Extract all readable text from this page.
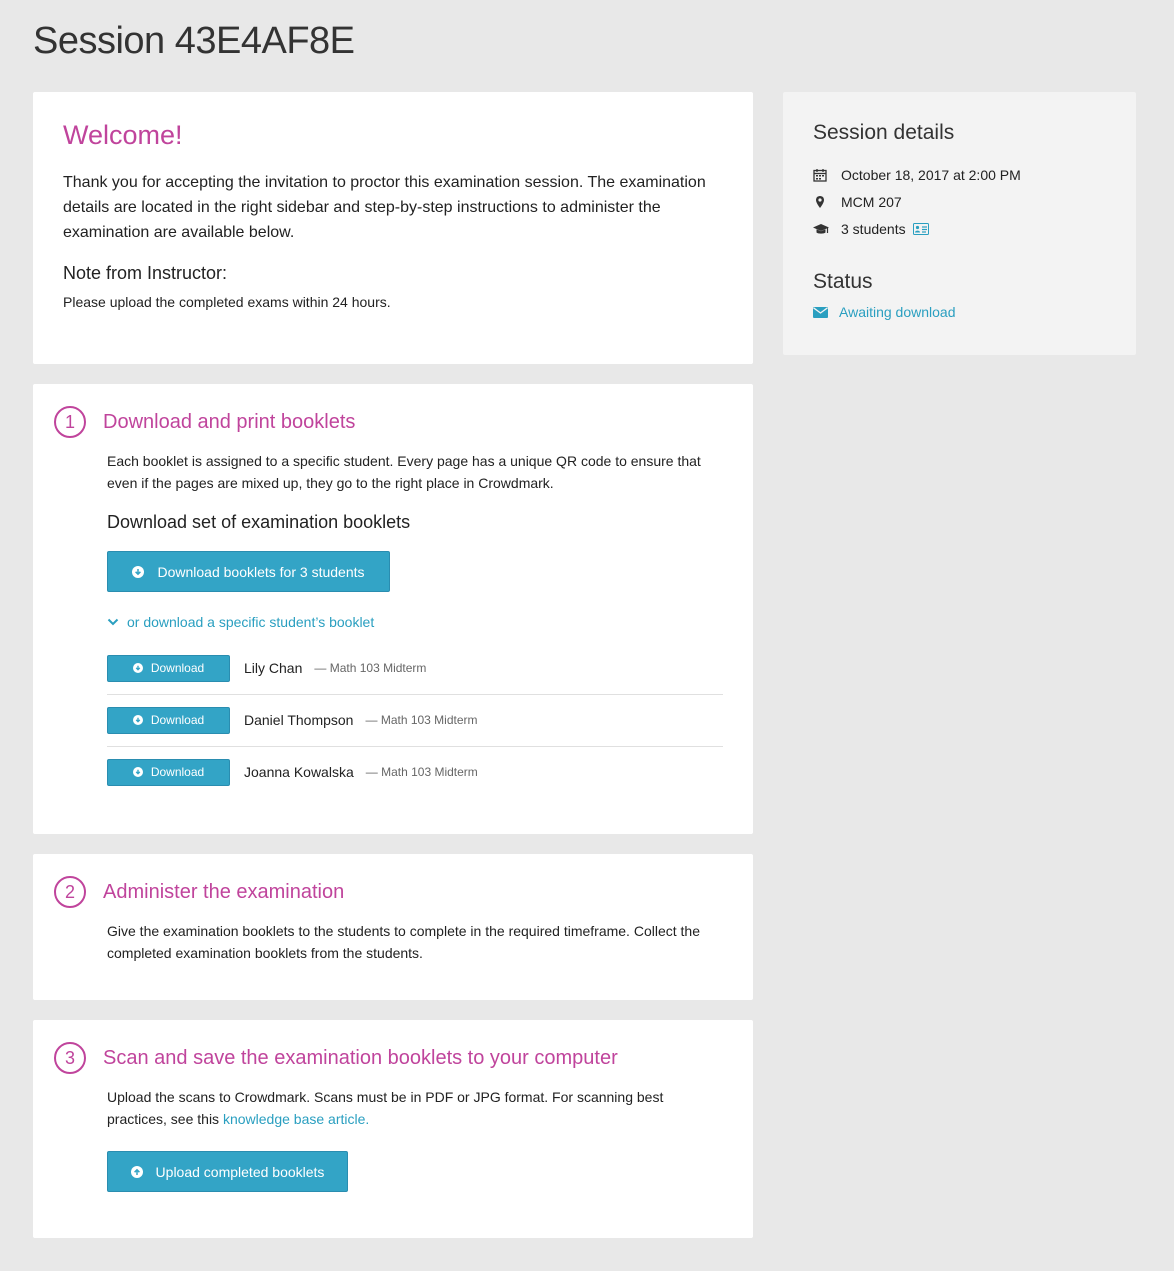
Session 43E4AF8E
Welcome!
Thank you for accepting the invitation to proctor this examination session. The examination details are located in the right sidebar and step-by-step instructions to administer the examination are available below.
Note from Instructor:
Please upload the completed exams within 24 hours.
Session details
October 18, 2017 at 2:00 PM
MCM 207
3 students
Status
Awaiting download
1	Download and print booklets
Each booklet is assigned to a specific student. Every page has a unique QR code to ensure that even if the pages are mixed up, they go to the right place in Crowdmark.
Download set of examination booklets
Download booklets for 3 students
or download a specific student’s booklet
Download	Lily Chan — Math 103 Midterm
Download	Daniel Thompson — Math 103 Midterm
Download	Joanna Kowalska — Math 103 Midterm
2	Administer the examination
Give the examination booklets to the students to complete in the required timeframe. Collect the completed examination booklets from the students.
3	Scan and save the examination booklets to your computer
Upload the scans to Crowdmark. Scans must be in PDF or JPG format. For scanning best practices, see this knowledge base article.
Upload completed booklets
